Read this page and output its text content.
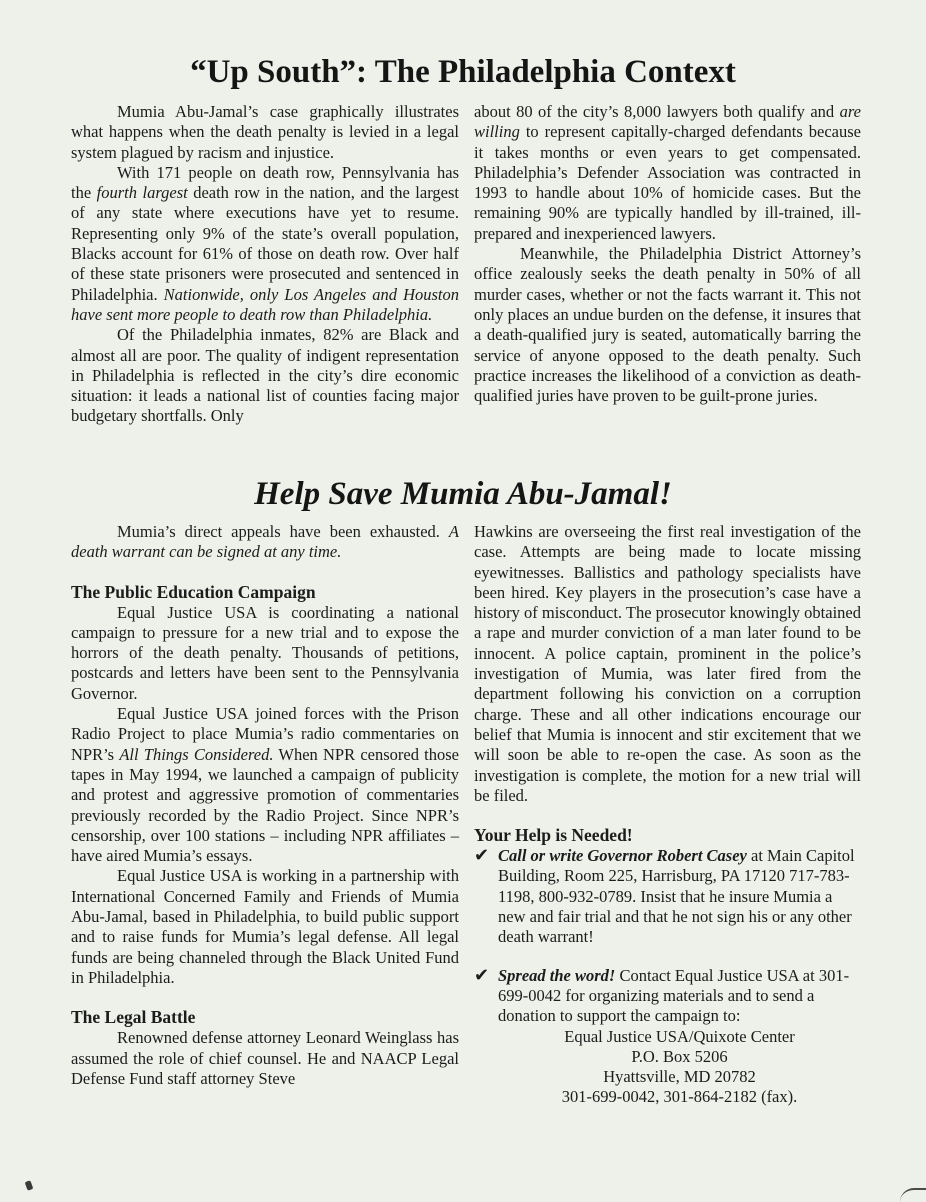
“Up South”: The Philadelphia Context

Mumia Abu-Jamal’s case graphically illustrates what happens when the death penalty is levied in a legal system plagued by racism and injustice.

With 171 people on death row, Pennsylvania has the fourth largest death row in the nation, and the largest of any state where executions have yet to resume. Representing only 9% of the state’s overall population, Blacks account for 61% of those on death row. Over half of these state prisoners were prosecuted and sentenced in Philadelphia. Nationwide, only Los Angeles and Houston have sent more people to death row than Philadelphia.

Of the Philadelphia inmates, 82% are Black and almost all are poor. The quality of indigent representation in Philadelphia is reflected in the city’s dire economic situation: it leads a national list of counties facing major budgetary shortfalls. Only

about 80 of the city’s 8,000 lawyers both qualify and are willing to represent capitally-charged defendants because it takes months or even years to get compensated. Philadelphia’s Defender Association was contracted in 1993 to handle about 10% of homicide cases. But the remaining 90% are typically handled by ill-trained, ill-prepared and inexperienced lawyers.

Meanwhile, the Philadelphia District Attorney’s office zealously seeks the death penalty in 50% of all murder cases, whether or not the facts warrant it. This not only places an undue burden on the defense, it insures that a death-qualified jury is seated, automatically barring the service of anyone opposed to the death penalty. Such practice increases the likelihood of a conviction as death-qualified juries have proven to be guilt-prone juries.

Help Save Mumia Abu-Jamal!

Mumia’s direct appeals have been exhausted. A death warrant can be signed at any time.

The Public Education Campaign

Equal Justice USA is coordinating a national campaign to pressure for a new trial and to expose the horrors of the death penalty. Thousands of petitions, postcards and letters have been sent to the Pennsylvania Governor.

Equal Justice USA joined forces with the Prison Radio Project to place Mumia’s radio commentaries on NPR’s All Things Considered. When NPR censored those tapes in May 1994, we launched a campaign of publicity and protest and aggressive promotion of commentaries previously recorded by the Radio Project. Since NPR’s censorship, over 100 stations – including NPR affiliates – have aired Mumia’s essays.

Equal Justice USA is working in a partnership with International Concerned Family and Friends of Mumia Abu-Jamal, based in Philadelphia, to build public support and to raise funds for Mumia’s legal defense. All legal funds are being channeled through the Black United Fund in Philadelphia.

The Legal Battle

Renowned defense attorney Leonard Weinglass has assumed the role of chief counsel. He and NAACP Legal Defense Fund staff attorney Steve

Hawkins are overseeing the first real investigation of the case. Attempts are being made to locate missing eyewitnesses. Ballistics and pathology specialists have been hired. Key players in the prosecution’s case have a history of misconduct. The prosecutor knowingly obtained a rape and murder conviction of a man later found to be innocent. A police captain, prominent in the police’s investigation of Mumia, was later fired from the department following his conviction on a corruption charge. These and all other indications encourage our belief that Mumia is innocent and stir excitement that we will soon be able to re-open the case. As soon as the investigation is complete, the motion for a new trial will be filed.

Your Help is Needed!
✔ Call or write Governor Robert Casey at Main Capitol Building, Room 225, Harrisburg, PA 17120 717-783-1198, 800-932-0789. Insist that he insure Mumia a new and fair trial and that he not sign his or any other death warrant!
✔ Spread the word! Contact Equal Justice USA at 301-699-0042 for organizing materials and to send a donation to support the campaign to:
Equal Justice USA/Quixote Center
P.O. Box 5206
Hyattsville, MD 20782
301-699-0042, 301-864-2182 (fax).
